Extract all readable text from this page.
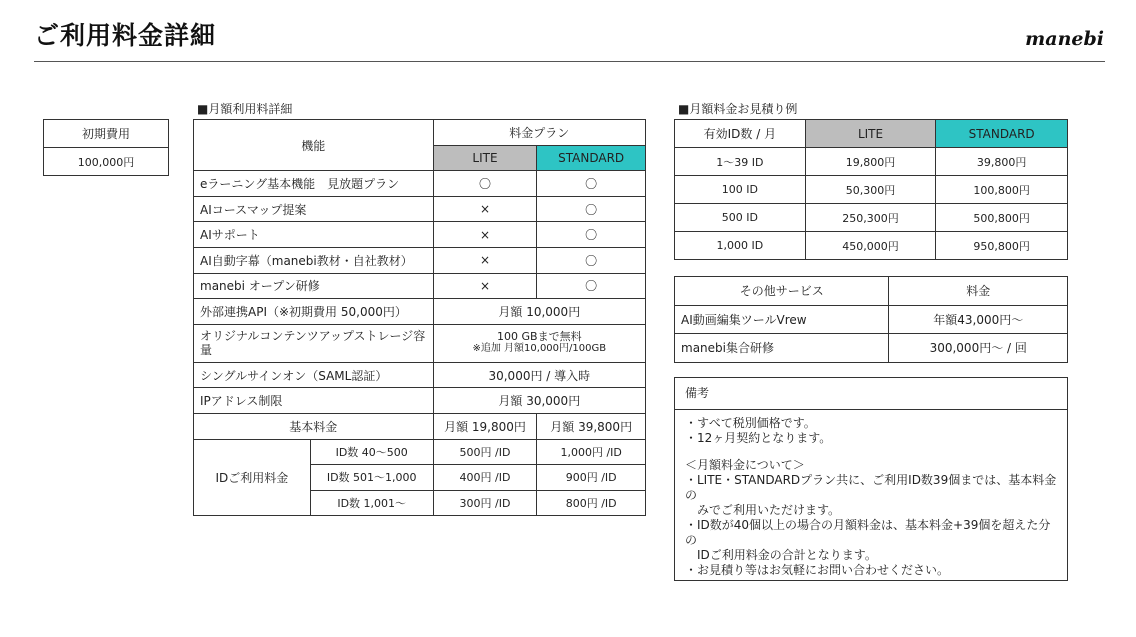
ご利用料金詳細	manebi
初期費用
100,000円
■月額利用料詳細
機能		料金プラン	
		LITE	STANDARD
eラーニング基本機能　見放題プラン		〇	〇
AIコースマップ提案		×	〇
AIサポート		×	〇
AI自動字幕（manebi教材・自社教材）		×	〇
manebi オープン研修		×	〇
外部連携API（※初期費用 50,000円）		月額 10,000円	
オリジナルコンテンツアップストレージ容量		100 GBまで無料
※追加 月額10,000円/100GB	

シングルサインオン（SAML認証）		30,000円 / 導入時	
IPアドレス制限		月額 30,000円	
基本料金		月額 19,800円	月額 39,800円
IDご利用料金	ID数 40〜500	500円 /ID	1,000円 /ID
	ID数 501〜1,000	400円 /ID	900円 /ID
	ID数 1,001〜	300円 /ID	800円 /ID
■月額料金お見積り例
有効ID数 / 月	LITE	STANDARD
1〜39 ID	19,800円	39,800円
100 ID	50,300円	100,800円
500 ID	250,300円	500,800円
1,000 ID	450,000円	950,800円
その他サービス	料金
AI動画編集ツールVrew	年額43,000円〜
manebi集合研修	300,000円〜 / 回
備考
・すべて税別価格です。
・12ヶ月契約となります。
＜月額料金について＞
・LITE・STANDARDプラン共に、ご利用ID数39個までは、基本料金の
みでご利用いただけます。
・ID数が40個以上の場合の月額料金は、基本料金+39個を超えた分の
IDご利用料金の合計となります。
・お見積り等はお気軽にお問い合わせください。
